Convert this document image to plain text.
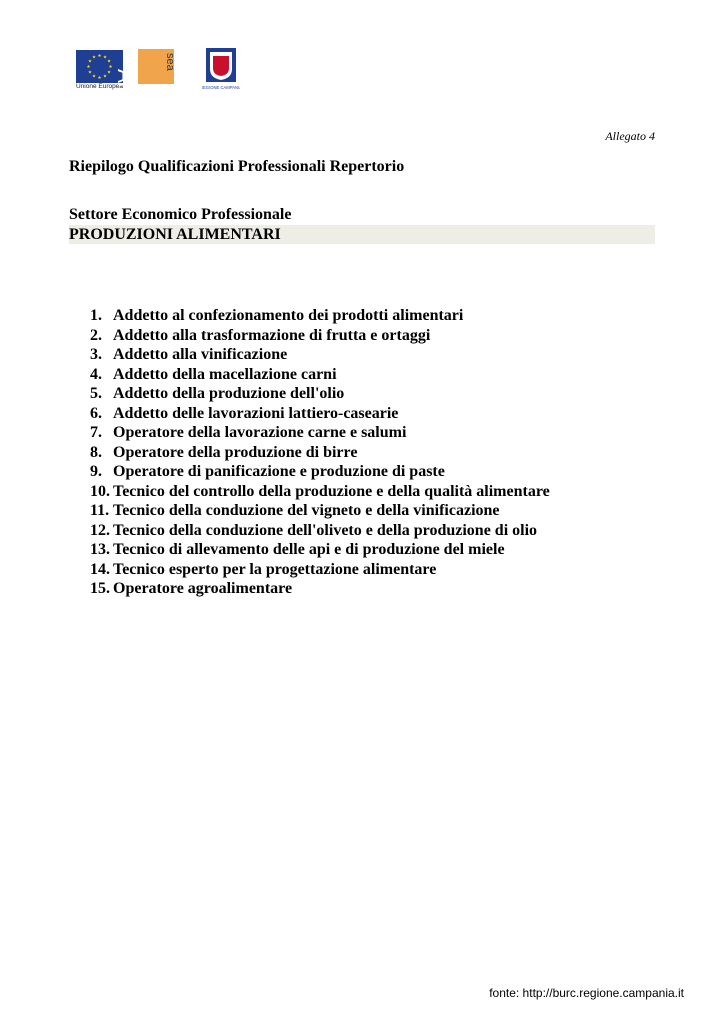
Unione Europea
Ar
sea
REGIONE CAMPANIA
Allegato 4
Riepilogo Qualificazioni Professionali Repertorio
Settore Economico Professionale
PRODUZIONI ALIMENTARI
1. Addetto al confezionamento dei prodotti alimentari
2. Addetto alla trasformazione di frutta e ortaggi
3. Addetto alla vinificazione
4. Addetto della macellazione carni
5. Addetto della produzione dell'olio
6. Addetto delle lavorazioni lattiero-casearie
7. Operatore della lavorazione carne e salumi
8. Operatore della produzione di birre
9. Operatore di panificazione e produzione di paste
10. Tecnico del controllo della produzione e della qualità alimentare
11. Tecnico della conduzione del vigneto e della vinificazione
12. Tecnico della conduzione dell'oliveto e della produzione di olio
13. Tecnico di allevamento delle api e di produzione del miele
14. Tecnico esperto per la progettazione alimentare
15. Operatore agroalimentare
fonte: http://burc.regione.campania.it
